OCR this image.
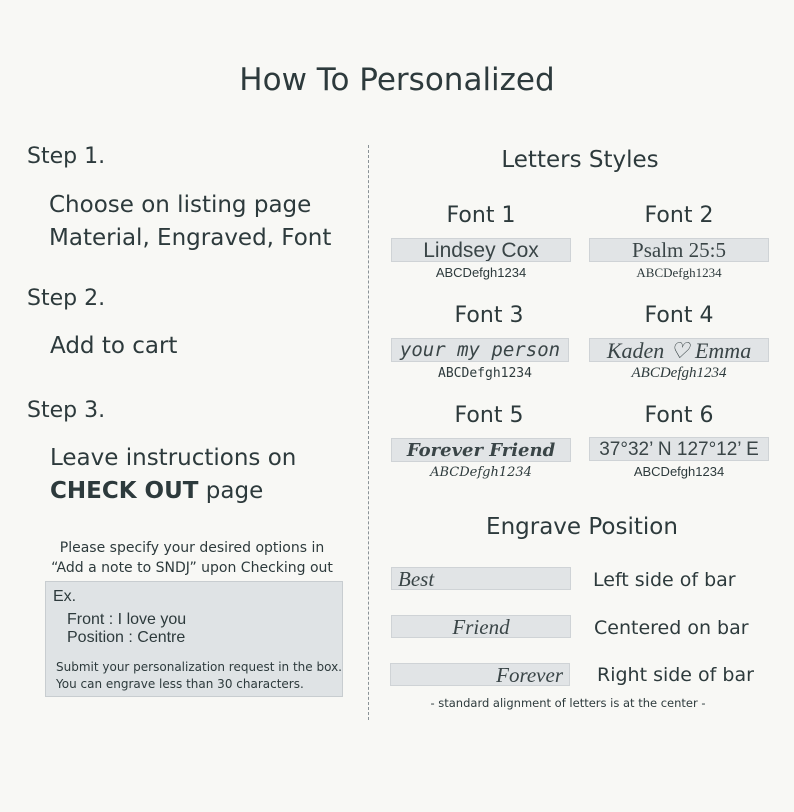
How To Personalized
Step 1.
Choose on listing page
Material, Engraved, Font
Step 2.
Add to cart
Step 3.
Leave instructions on
CHECK OUT page
Please specify your desired options in
“Add a note to SNDJ” upon Checking out
Ex.
Front : I love you
Position : Centre
Submit your personalization request in the box.
You can engrave less than 30 characters.
Letters Styles
Font 1
Lindsey Cox
ABCDefgh1234
Font 2
Psalm 25:5
ABCDefgh1234
Font 3
your my person
ABCDefgh1234
Font 4
Kaden ♡ Emma
ABCDefgh1234
Font 5
Forever Friend
ABCDefgh1234
Font 6
37°32’ N 127°12’ E
ABCDefgh1234
Engrave Position
Best	Left side of bar
Friend	Centered on bar
Forever	Right side of bar
- standard alignment of letters is at the center -
